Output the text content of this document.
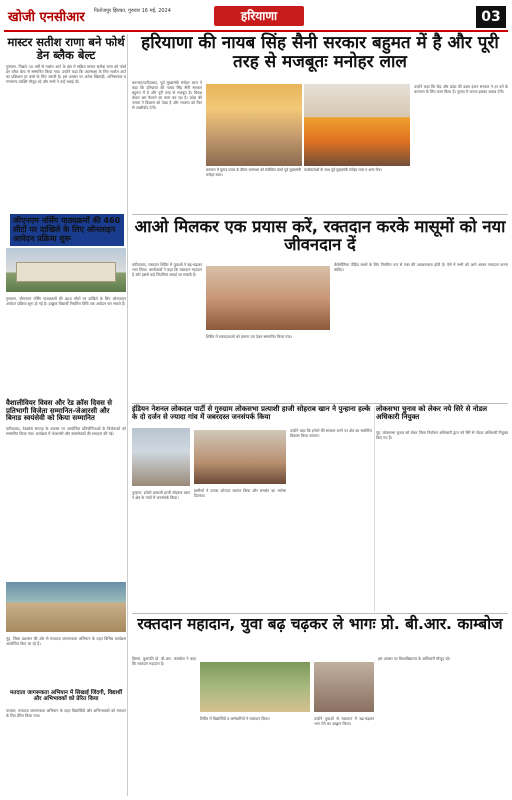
खोजी एनसीआर फिरोजपुर झिरका, गुरुवार 16 मई, 2024	हरियाणा	03
मास्टर सतीश राणा बने फोर्थ डेन ब्लैक बेल्ट
गुरुग्राम, पिछले 30 वर्षों से मार्शल आर्ट के क्षेत्र में सक्रिय मास्टर सतीश राणा को फोर्थ डेन ब्लैक बेल्ट से सम्मानित किया गया। उन्होंने कहा कि आत्मरक्षा के लिए मार्शल आर्ट का प्रशिक्षण हर बच्चे के लिए जरूरी है। इस अवसर पर अनेक खिलाड़ी, अभिभावक व गणमान्य व्यक्ति मौजूद रहे और सभी ने उन्हें बधाई दी।
जीएनएम नर्सिंग पाठ्यक्रमों की 460 सीटों पर दाखिले के लिए ऑनलाइन आवेदन प्रक्रिया शुरू
गुरुग्राम, जीएनएम नर्सिंग पाठ्यक्रमों की 460 सीटों पर दाखिले के लिए ऑनलाइन आवेदन प्रक्रिया शुरू हो गई है। इच्छुक विद्यार्थी निर्धारित तिथि तक आवेदन कर सकते हैं।
वैशालीवियर विवस और रेड क्रॉस दिवस से प्रतिभागी विजेता सम्मानित-जेआरसी और बिनाड स्वयंसेवी को किया सम्मानित
फरीदाबाद, रेडक्रॉस सप्ताह के अवसर पर आयोजित प्रतियोगिताओं के विजेताओं को सम्मानित किया गया। कार्यक्रम में जेआरसी और स्वयंसेवकों की सराहना की गई।
नूंह, जिला प्रशासन की ओर से मतदाता जागरूकता अभियान के तहत विभिन्न कार्यक्रम आयोजित किए जा रहे हैं।
मतदाता जागरूकता अभियान में सिखाई जिंदगी, विद्यार्थी और अभिभावकों को प्रेरित किया
पलवल, मतदाता जागरूकता अभियान के तहत विद्यार्थियों और अभिभावकों को मतदान के लिए प्रेरित किया गया।
हरियाणा की नायब सिंह सैनी सरकार बहुमत में है और पूरी तरह से मजबूतः मनोहर लाल
करनाल/फरीदाबाद, पूर्व मुख्यमंत्री मनोहर लाल ने कहा कि हरियाणा की नायब सिंह सैनी सरकार बहुमत में है और पूरी तरह से मजबूत है। विपक्ष केवल भ्रम फैलाने का काम कर रहा है। प्रदेश की जनता ने विकास को देखा है और भाजपा को फिर से आशीर्वाद देगी।
करनाल में चुनाव प्रचार के दौरान जनसभा को संबोधित करते पूर्व मुख्यमंत्री मनोहर लाल।
कार्यकर्ताओं के साथ पूर्व मुख्यमंत्री मनोहर लाल व अन्य नेता।
उन्होंने कहा कि केंद्र और प्रदेश की डबल इंजन सरकार ने हर वर्ग के कल्याण के लिए काम किया है। चुनाव में जनता इसका जवाब देगी।
आओ मिलकर एक प्रयास करें, रक्तदान करके मासूमों को नया जीवनदान दें
फरीदाबाद, रक्तदान शिविर में युवाओं ने बढ़-चढ़कर भाग लिया। आयोजकों ने कहा कि रक्तदान महादान है और इससे कई जिंदगियां बचाई जा सकती हैं।
शिविर में रक्तदाताओं को प्रमाण पत्र देकर सम्मानित किया गया।
थैलेसीमिया पीड़ित बच्चों के लिए नियमित रूप से रक्त की आवश्यकता होती है। ऐसे में सभी को आगे आकर रक्तदान करना चाहिए।
इंडियन नेशनल लोकदल पार्टी से गुरुग्राम लोकसभा प्रत्याशी हाजी सोहराब खान ने पुन्हाना हल्के के दो दर्जन से ज्यादा गांव में जबरदस्त जनसंपर्क किया
पुन्हाना, इनेलो प्रत्याशी हाजी सोहराब खान ने क्षेत्र के गांवों में जनसंपर्क किया।
ग्रामीणों ने उनका जोरदार स्वागत किया और समर्थन का भरोसा दिलाया।
उन्होंने कहा कि इनेलो की सरकार बनने पर क्षेत्र का सर्वांगीण विकास किया जाएगा।
लोकसभा चुनाव को लेकर नये सिरे से नोडल अधिकारी नियुक्त
नूंह, लोकसभा चुनाव को लेकर जिला निर्वाचन अधिकारी द्वारा नये सिरे से नोडल अधिकारी नियुक्त किए गए हैं।
रक्तदान महादान, युवा बढ़ चढ़कर ले भागः प्रो. बी.आर. काम्बोज
हिसार, कुलपति प्रो. बी.आर. काम्बोज ने कहा कि रक्तदान महादान है।
शिविर में विद्यार्थियों व कर्मचारियों ने रक्तदान किया।	उन्होंने युवाओं से रक्तदान में बढ़-चढ़कर भाग लेने का आह्वान किया।
इस अवसर पर विश्वविद्यालय के अधिकारी मौजूद रहे।
